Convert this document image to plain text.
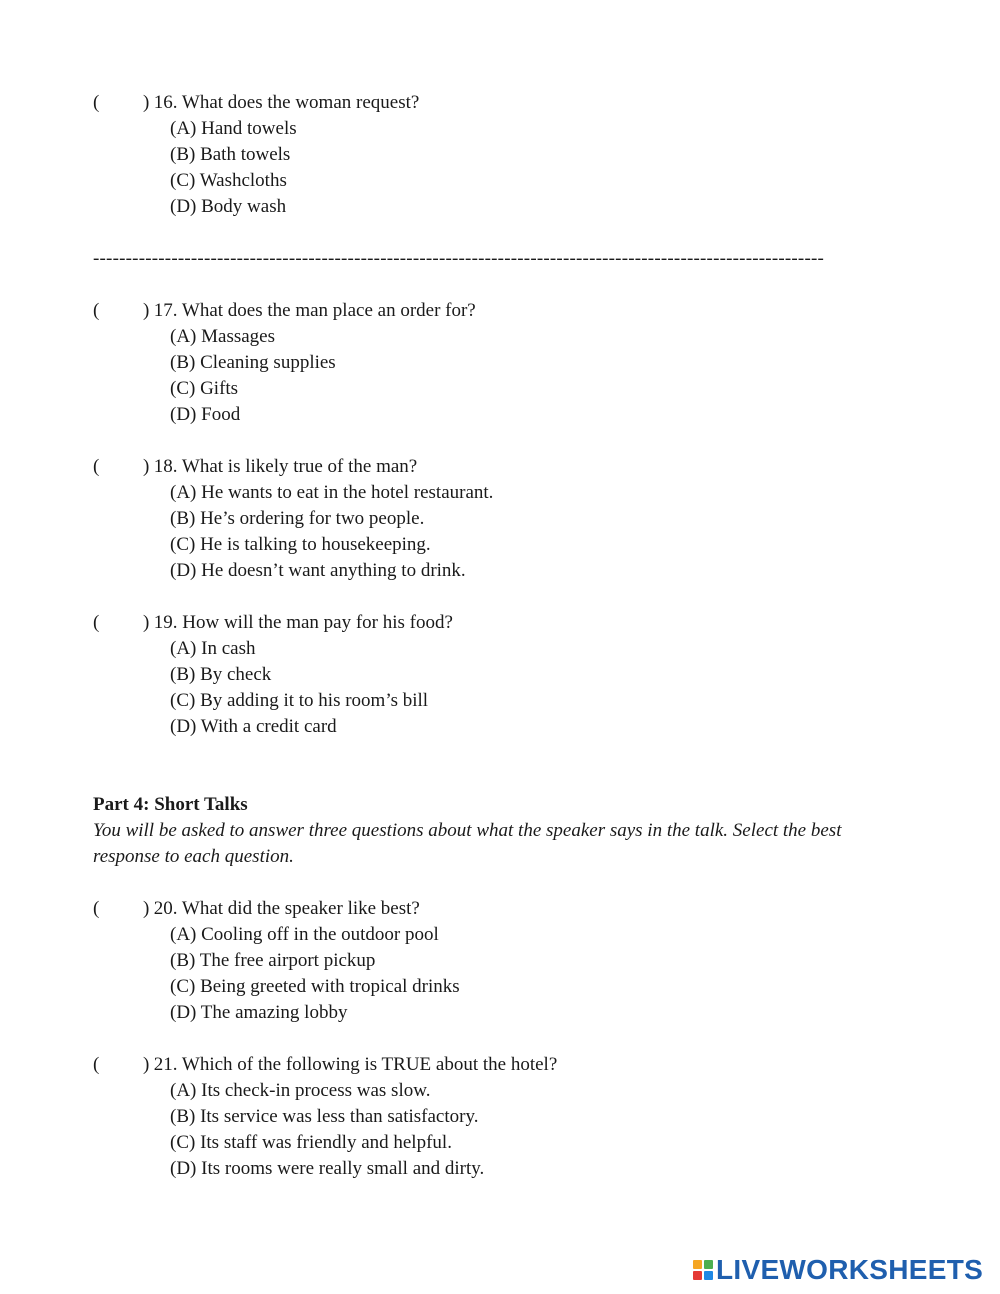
(	)
16. What does the woman request?
(A) Hand towels
(B) Bath towels
(C) Washcloths
(D) Body wash
----------------------------------------------------------------------------------------------------------------
(	)
17. What does the man place an order for?
(A) Massages
(B) Cleaning supplies
(C) Gifts
(D) Food
(	)
18. What is likely true of the man?
(A) He wants to eat in the hotel restaurant.
(B) He’s ordering for two people.
(C) He is talking to housekeeping.
(D) He doesn’t want anything to drink.
(	)
19. How will the man pay for his food?
(A) In cash
(B) By check
(C) By adding it to his room’s bill
(D) With a credit card
Part 4: Short Talks
You will be asked to answer three questions about what the speaker says in the talk. Select the best response to each question.
(	)
20. What did the speaker like best?
(A) Cooling off in the outdoor pool
(B) The free airport pickup
(C) Being greeted with tropical drinks
(D) The amazing lobby
(	)
21. Which of the following is TRUE about the hotel?
(A) Its check-in process was slow.
(B) Its service was less than satisfactory.
(C) Its staff was friendly and helpful.
(D) Its rooms were really small and dirty.
LIVEWORKSHEETS
